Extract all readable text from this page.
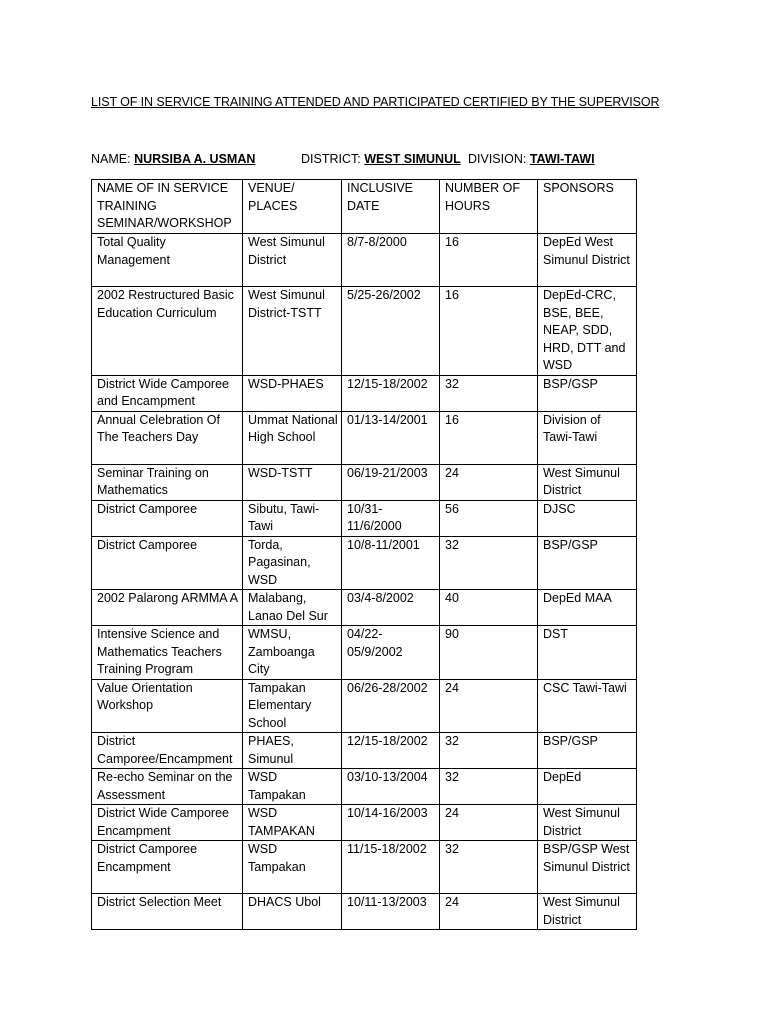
LIST OF IN SERVICE TRAINING ATTENDED AND PARTICIPATED CERTIFIED BY THE SUPERVISOR
NAME: NURSIBA A. USMAN	DISTRICT: WEST SIMUNUL DIVISION: TAWI-TAWI
NAME OF IN SERVICE TRAINING SEMINAR/WORKSHOP	VENUE/ PLACES	INCLUSIVE DATE	NUMBER OF HOURS	SPONSORS
Total Quality Management	West Simunul District	8/7-8/2000	16	DepEd West Simunul District
2002 Restructured Basic Education Curriculum	West Simunul District-TSTT	5/25-26/2002	16	DepEd-CRC, BSE, BEE, NEAP, SDD, HRD, DTT and WSD
District Wide Camporee and Encampment	WSD-PHAES	12/15-18/2002	32	BSP/GSP
Annual Celebration Of The Teachers Day	Ummat National High School	01/13-14/2001	16	Division of Tawi-Tawi
Seminar Training on Mathematics	WSD-TSTT	06/19-21/2003	24	West Simunul District
District Camporee	Sibutu, Tawi-Tawi	10/31-11/6/2000	56	DJSC
District Camporee	Torda, Pagasinan, WSD	10/8-11/2001	32	BSP/GSP
2002 Palarong ARMMA A	Malabang, Lanao Del Sur	03/4-8/2002	40	DepEd MAA
Intensive Science and Mathematics Teachers Training Program	WMSU, Zamboanga City	04/22-05/9/2002	90	DST
Value Orientation Workshop	Tampakan Elementary School	06/26-28/2002	24	CSC Tawi-Tawi
District Camporee/Encampment	PHAES, Simunul	12/15-18/2002	32	BSP/GSP
Re-echo Seminar on the Assessment	WSD Tampakan	03/10-13/2004	32	DepEd
District Wide Camporee Encampment	WSD TAMPAKAN	10/14-16/2003	24	West Simunul District
District Camporee Encampment	WSD Tampakan	11/15-18/2002	32	BSP/GSP West Simunul District
District Selection Meet	DHACS Ubol	10/11-13/2003	24	West Simunul District
